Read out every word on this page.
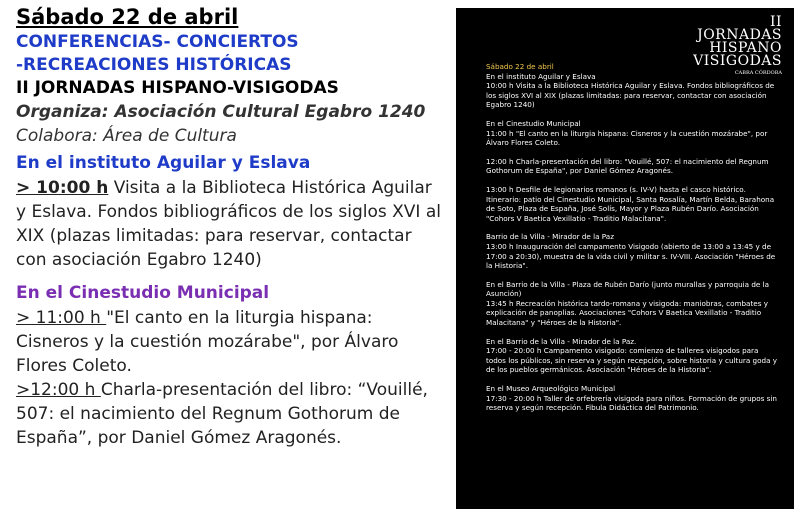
Sábado 22 de abril
CONFERENCIAS- CONCIERTOS
-RECREACIONES HISTÓRICAS
II JORNADAS HISPANO-VISIGODAS
Organiza: Asociación Cultural Egabro 1240
Colabora: Área de Cultura
En el instituto Aguilar y Eslava
> 10:00 h Visita a la Biblioteca Histórica Aguilar y Eslava. Fondos bibliográficos de los siglos XVI al XIX (plazas limitadas: para reservar, contactar con asociación Egabro 1240)
En el Cinestudio Municipal
> 11:00 h "El canto en la liturgia hispana: Cisneros y la cuestión mozárabe", por Álvaro Flores Coleto.
>12:00 h Charla-presentación del libro: “Vouillé, 507: el nacimiento del Regnum Gothorum de España”, por Daniel Gómez Aragonés.
II JORNADAS
HISPANO
VISIGODAS
CABRA CÓRDOBA
Sábado 22 de abril
En el instituto Aguilar y Eslava
10:00 h Visita a la Biblioteca Histórica Aguilar y Eslava. Fondos bibliográficos de los siglos XVI al XIX (plazas limitadas: para reservar, contactar con asociación Egabro 1240)
En el Cinestudio Municipal
11:00 h "El canto en la liturgia hispana: Cisneros y la cuestión mozárabe", por Álvaro Flores Coleto.
12:00 h Charla-presentación del libro: "Vouillé, 507: el nacimiento del Regnum Gothorum de España", por Daniel Gómez Aragonés.
13:00 h Desfile de legionarios romanos (s. IV-V) hasta el casco histórico. Itinerario: patio del Cinestudio Municipal, Santa Rosalía, Martín Belda, Barahona de Soto, Plaza de España, José Solís, Mayor y Plaza Rubén Darío. Asociación "Cohors V Baetica Vexillatio - Traditio Malacitana".
Barrio de la Villa - Mirador de la Paz
13:00 h Inauguración del campamento Visigodo (abierto de 13:00 a 13:45 y de 17:00 a 20:30), muestra de la vida civil y militar s. IV-VIII. Asociación "Héroes de la Historia".
En el Barrio de la Villa - Plaza de Rubén Darío (junto murallas y parroquia de la Asunción)
13:45 h Recreación histórica tardo-romana y visigoda: maniobras, combates y explicación de panoplias. Asociaciones "Cohors V Baetica Vexillatio - Traditio Malacitana" y "Héroes de la Historia".
En el Barrio de la Villa - Mirador de la Paz.
17:00 - 20:00 h Campamento visigodo: comienzo de talleres visigodos para todos los públicos, sin reserva y según recepción, sobre historia y cultura goda y de los pueblos germánicos. Asociación "Héroes de la Historia".
En el Museo Arqueológico Municipal
17:30 - 20:00 h Taller de orfebrería visigoda para niños. Formación de grupos sin reserva y según recepción. Fibula Didáctica del Patrimonio.
